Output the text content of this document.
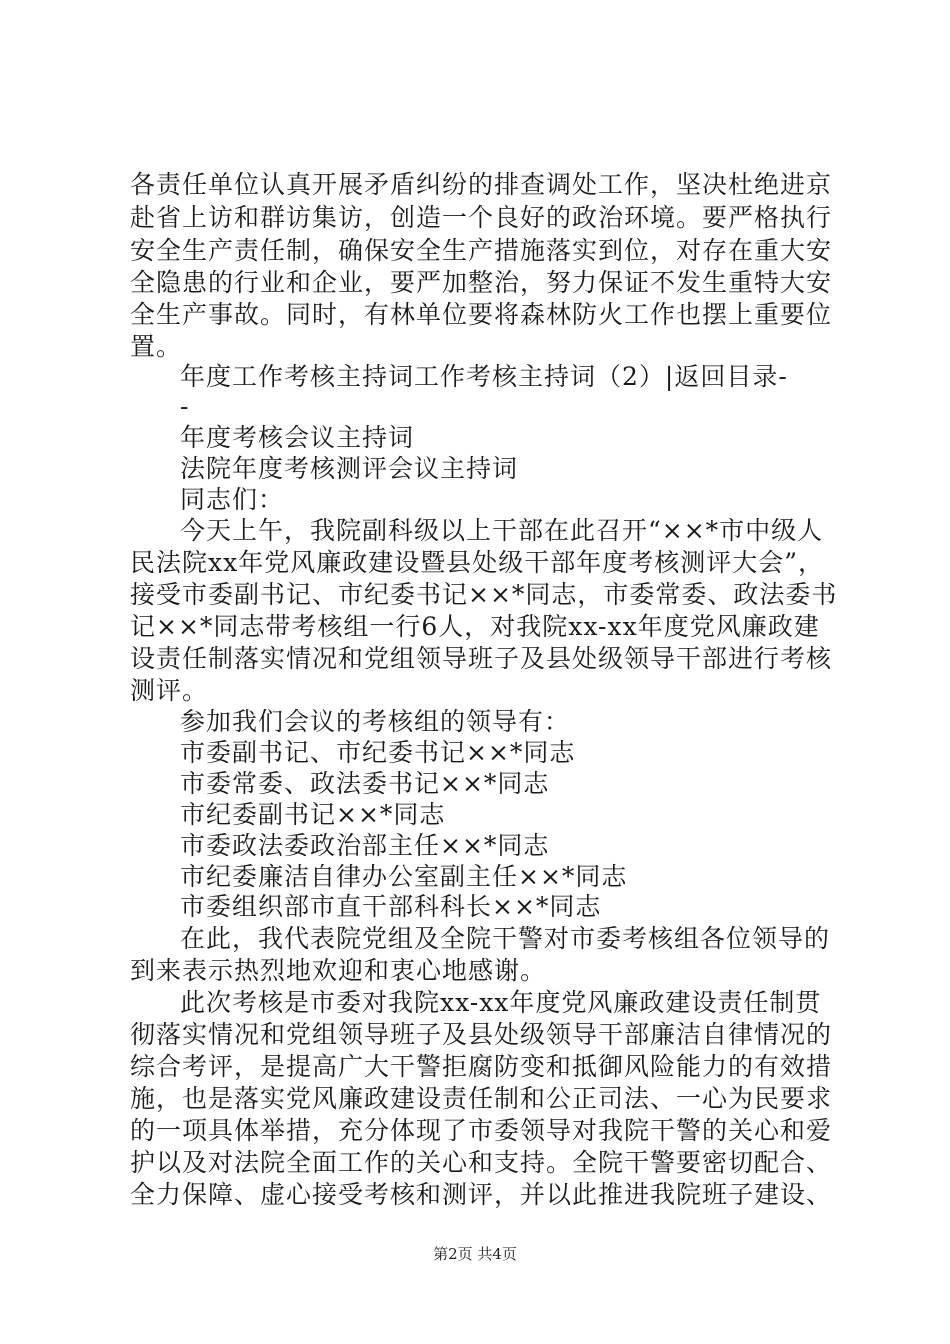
各责任单位认真开展矛盾纠纷的排查调处工作，坚决杜绝进京
赴省上访和群访集访，创造一个良好的政治环境。要严格执行
安全生产责任制，确保安全生产措施落实到位，对存在重大安
全隐患的行业和企业，要严加整治，努力保证不发生重特大安
全生产事故。同时，有林单位要将森林防火工作也摆上重要位
置。
年度工作考核主持词工作考核主持词（2）|返回目录-
-
年度考核会议主持词
法院年度考核测评会议主持词
同志们：
今天上午，我院副科级以上干部在此召开“××*市中级人
民法院xx年党风廉政建设暨县处级干部年度考核测评大会”，
接受市委副书记、市纪委书记××*同志，市委常委、政法委书
记××*同志带考核组一行6人，对我院xx-xx年度党风廉政建
设责任制落实情况和党组领导班子及县处级领导干部进行考核
测评。
参加我们会议的考核组的领导有：
市委副书记、市纪委书记××*同志
市委常委、政法委书记××*同志
市纪委副书记××*同志
市委政法委政治部主任××*同志
市纪委廉洁自律办公室副主任××*同志
市委组织部市直干部科科长××*同志
在此，我代表院党组及全院干警对市委考核组各位领导的
到来表示热烈地欢迎和衷心地感谢。
此次考核是市委对我院xx-xx年度党风廉政建设责任制贯
彻落实情况和党组领导班子及县处级领导干部廉洁自律情况的
综合考评，是提高广大干警拒腐防变和抵御风险能力的有效措
施，也是落实党风廉政建设责任制和公正司法、一心为民要求
的一项具体举措，充分体现了市委领导对我院干警的关心和爱
护以及对法院全面工作的关心和支持。全院干警要密切配合、
全力保障、虚心接受考核和测评，并以此推进我院班子建设、
第2页 共4页
